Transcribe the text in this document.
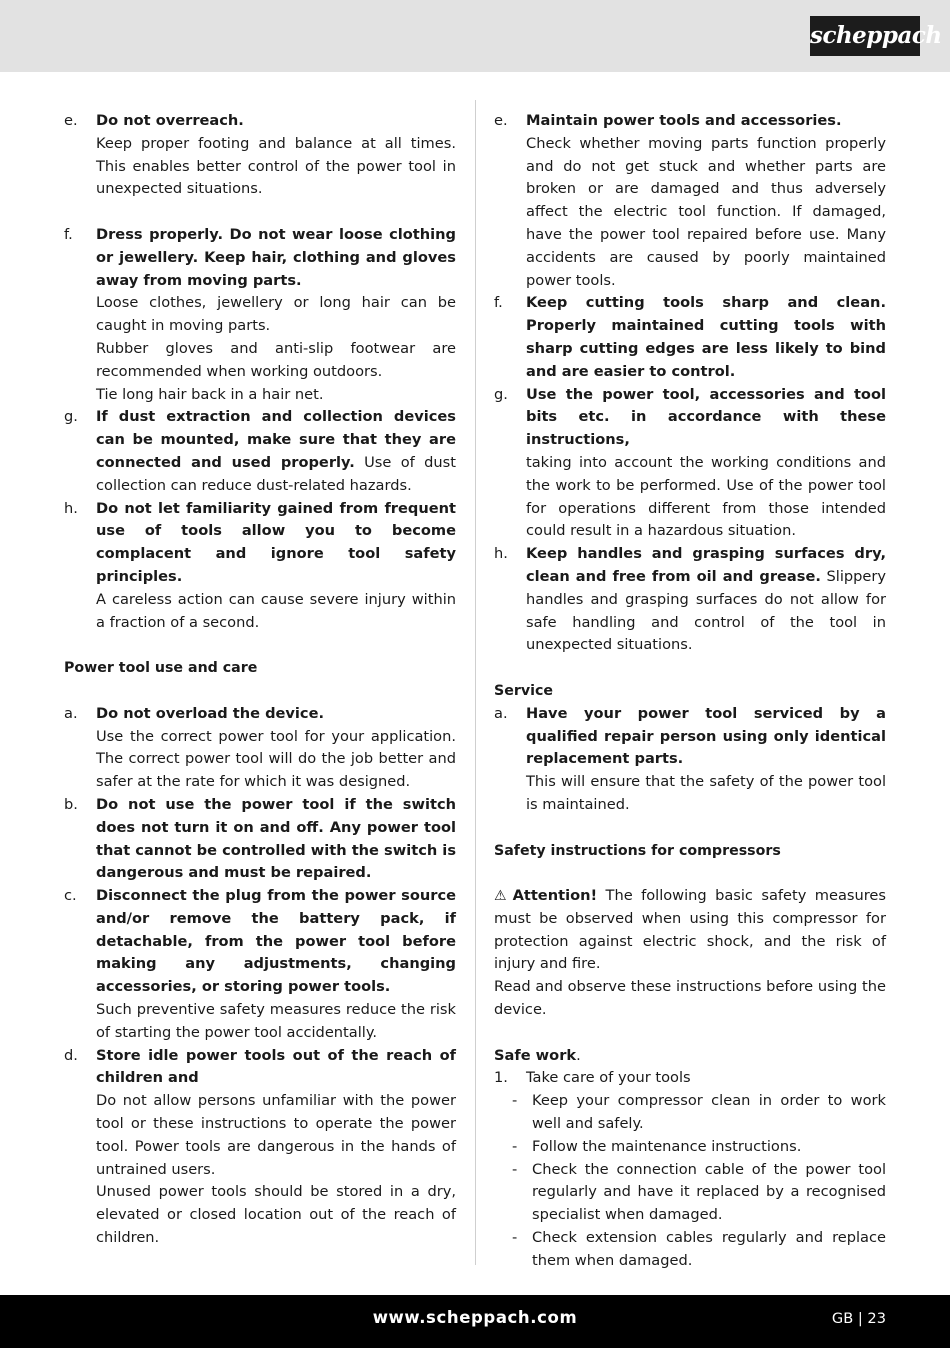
scheppach
e. Do not overreach.
Keep proper footing and balance at all times. This enables better control of the power tool in unexpected situations.
f. Dress properly. Do not wear loose clothing or jewellery. Keep hair, clothing and gloves away from moving parts.
Loose clothes, jewellery or long hair can be caught in moving parts.
Rubber gloves and anti-slip footwear are recommended when working outdoors.
Tie long hair back in a hair net.
g. If dust extraction and collection devices can be mounted, make sure that they are connected and used properly. Use of dust collection can reduce dust-related hazards.
h. Do not let familiarity gained from frequent use of tools allow you to become complacent and ignore tool safety principles.
A careless action can cause severe injury within a fraction of a second.
Power tool use and care
a. Do not overload the device.
Use the correct power tool for your application. The correct power tool will do the job better and safer at the rate for which it was designed.
b. Do not use the power tool if the switch does not turn it on and off. Any power tool that cannot be controlled with the switch is dangerous and must be repaired.
c. Disconnect the plug from the power source and/or remove the battery pack, if detachable, from the power tool before making any adjustments, changing accessories, or storing power tools.
Such preventive safety measures reduce the risk of starting the power tool accidentally.
d. Store idle power tools out of the reach of children and
Do not allow persons unfamiliar with the power tool or these instructions to operate the power tool. Power tools are dangerous in the hands of untrained users.
Unused power tools should be stored in a dry, elevated or closed location out of the reach of children.
e. Maintain power tools and accessories.
Check whether moving parts function properly and do not get stuck and whether parts are broken or are damaged and thus adversely affect the electric tool function. If damaged, have the power tool repaired before use. Many accidents are caused by poorly maintained power tools.
f. Keep cutting tools sharp and clean. Properly maintained cutting tools with sharp cutting edges are less likely to bind and are easier to control.
g. Use the power tool, accessories and tool bits etc. in accordance with these instructions,
taking into account the working conditions and the work to be performed. Use of the power tool for operations different from those intended could result in a hazardous situation.
h. Keep handles and grasping surfaces dry, clean and free from oil and grease. Slippery handles and grasping surfaces do not allow for safe handling and control of the tool in unexpected situations.
Service
a. Have your power tool serviced by a qualified repair person using only identical replacement parts.
This will ensure that the safety of the power tool is maintained.
Safety instructions for compressors
⚠ Attention! The following basic safety measures must be observed when using this compressor for protection against electric shock, and the risk of injury and fire.
Read and observe these instructions before using the device.
Safe work.
1. Take care of your tools
- Keep your compressor clean in order to work well and safely.
- Follow the maintenance instructions.
- Check the connection cable of the power tool regularly and have it replaced by a recognised specialist when damaged.
- Check extension cables regularly and replace them when damaged.
www.scheppach.com	GB | 23
